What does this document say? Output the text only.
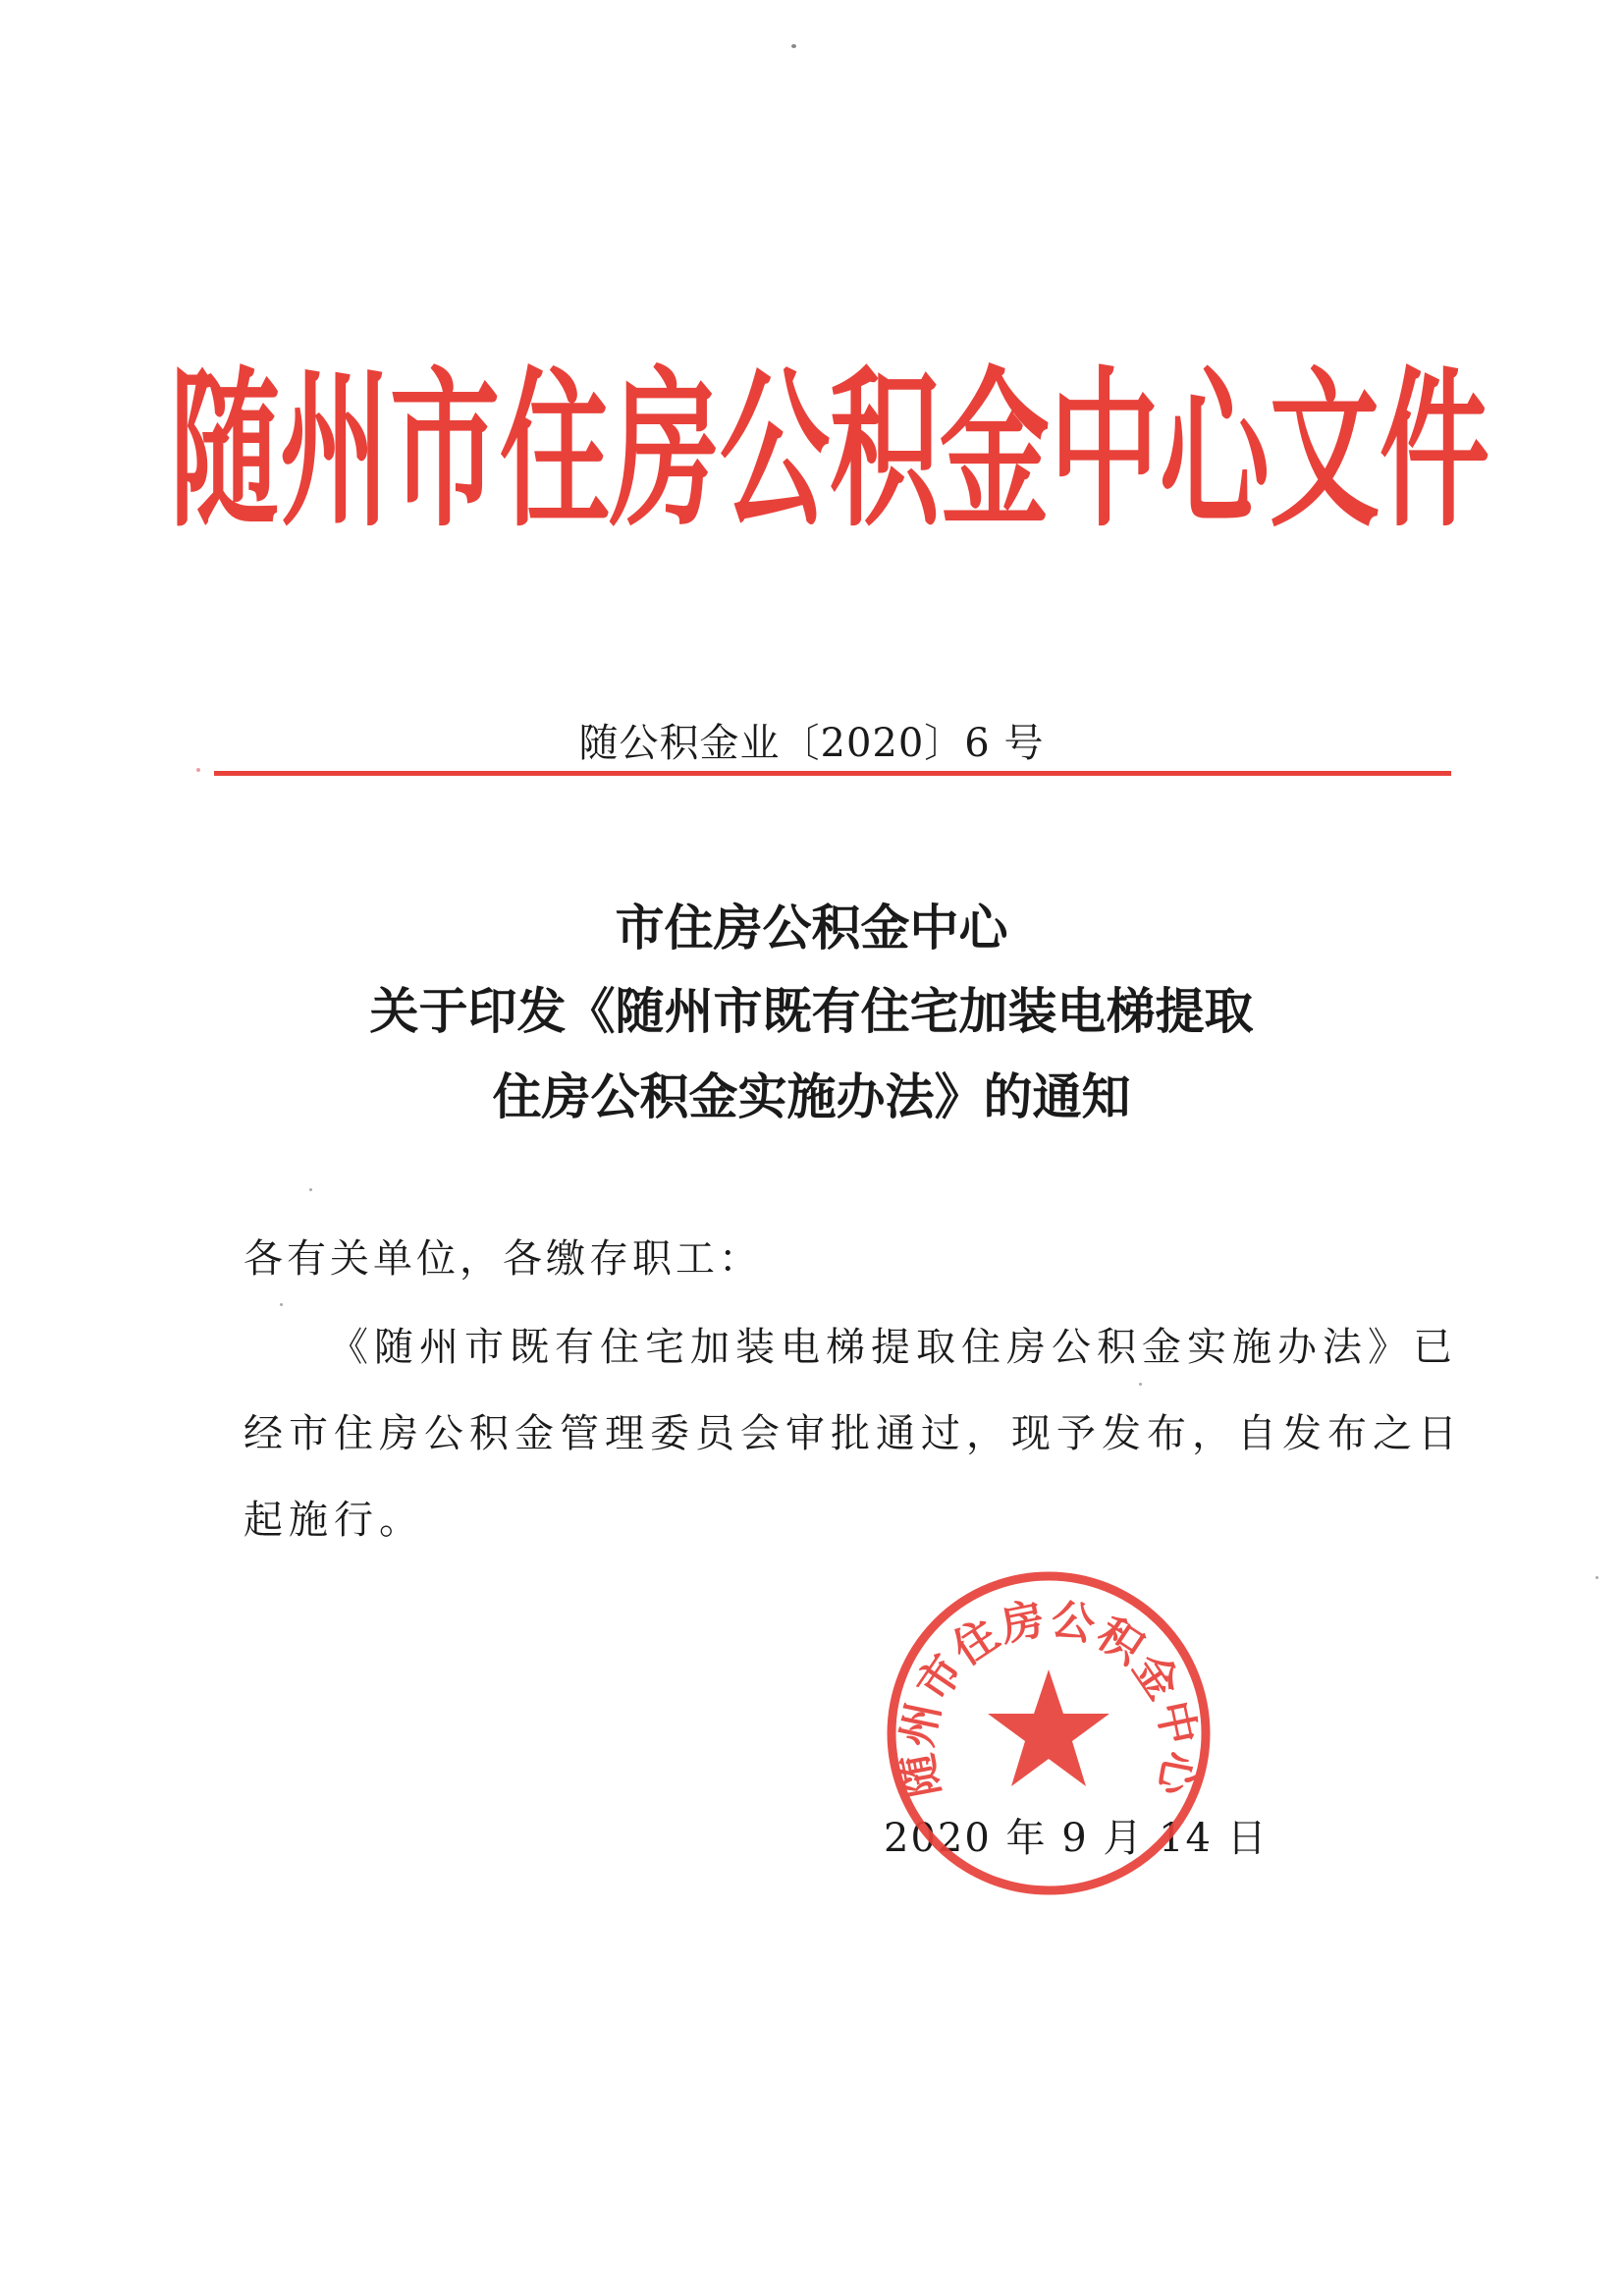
随州市住房公积金中心文件
随公积金业〔2020〕6 号
市住房公积金中心
关于印发《随州市既有住宅加装电梯提取
住房公积金实施办法》的通知
各有关单位，各缴存职工：
《随州市既有住宅加装电梯提取住房公积金实施办法》已
经市住房公积金管理委员会审批通过，现予发布，自发布之日
起施行。
2020 年 9 月 14 日
随州市住房公积金中心
